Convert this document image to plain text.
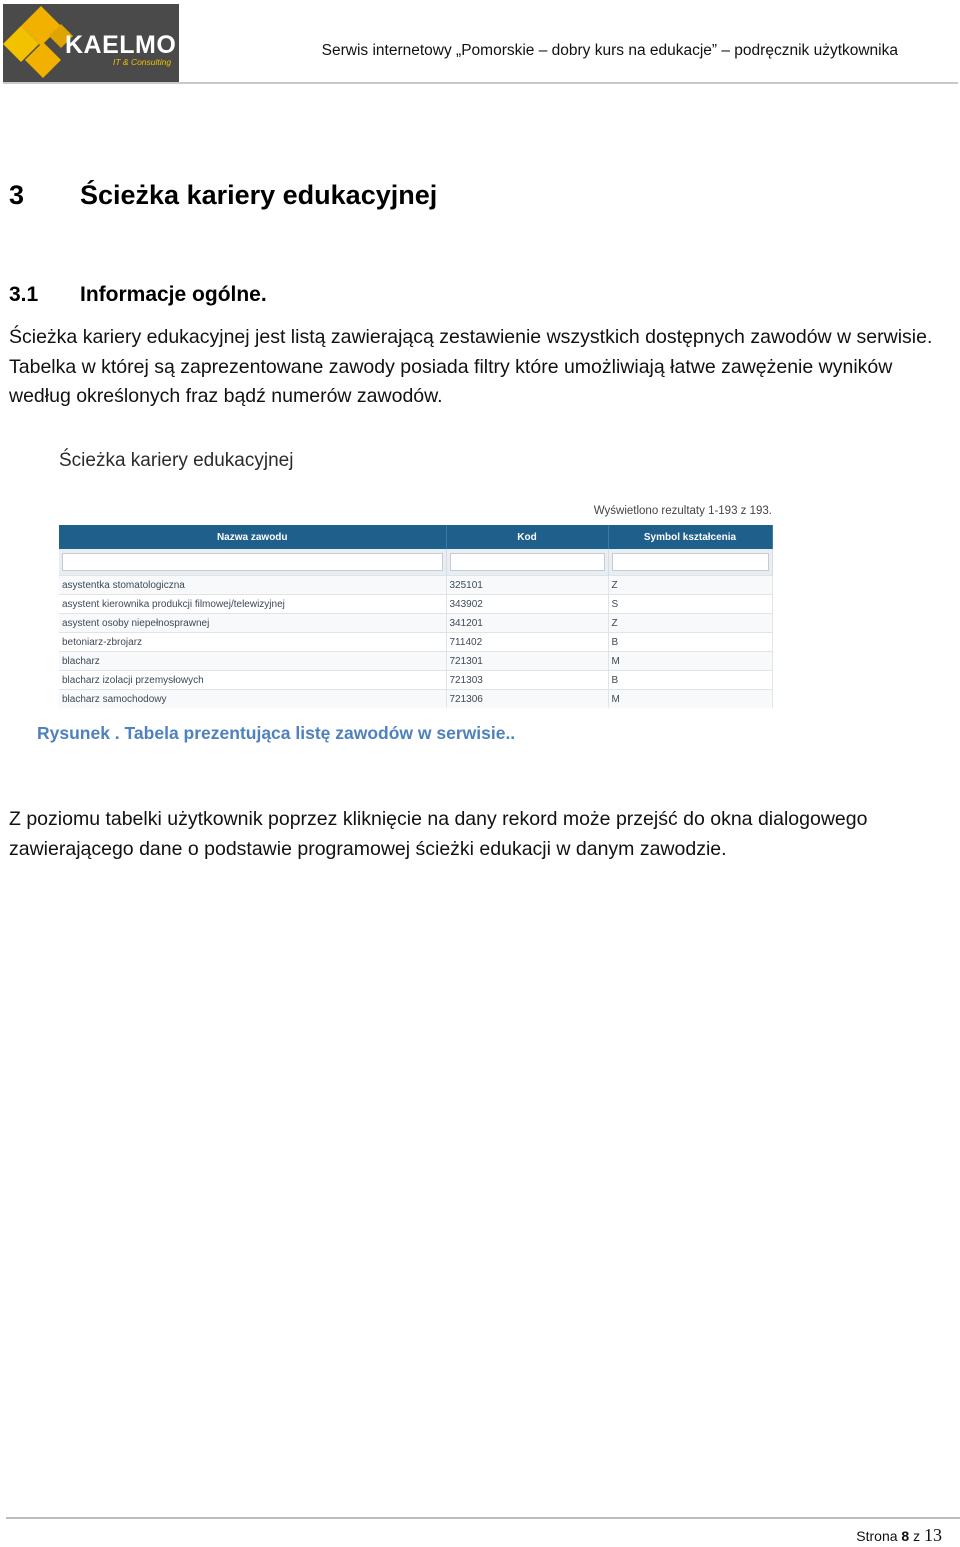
KAELMO
IT & Consulting
Serwis internetowy „Pomorskie – dobry kurs na edukacje” – podręcznik użytkownika
3 Ścieżka kariery edukacyjnej
3.1 Informacje ogólne.
Ścieżka kariery edukacyjnej jest listą zawierającą zestawienie wszystkich dostępnych zawodów w serwisie. Tabelka w której są zaprezentowane zawody posiada filtry które umożliwiają łatwe zawężenie wyników według określonych fraz bądź numerów zawodów.
Ścieżka kariery edukacyjnej
Wyświetlono rezultaty 1-193 z 193.
Nazwa zawodu	Kod	Symbol kształcenia

asystentka stomatologiczna	325101	Z
asystent kierownika produkcji filmowej/telewizyjnej	343902	S
asystent osoby niepełnosprawnej	341201	Z
betoniarz-zbrojarz	711402	B
blacharz	721301	M
blacharz izolacji przemysłowych	721303	B
blacharz samochodowy	721306	M
Rysunek . Tabela prezentująca listę zawodów w serwisie..
Z poziomu tabelki użytkownik poprzez kliknięcie na dany rekord może przejść do okna dialogowego zawierającego dane o podstawie programowej ścieżki edukacji w danym zawodzie.
Strona 8 z 13
